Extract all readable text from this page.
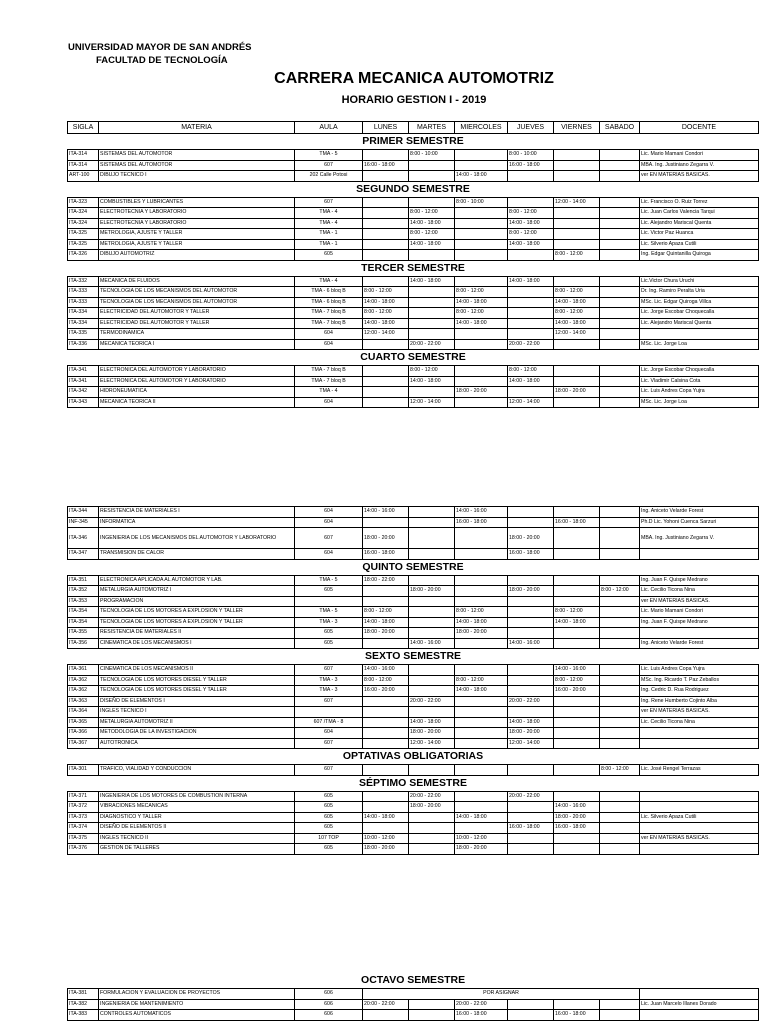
UNIVERSIDAD MAYOR DE SAN ANDRÉS
FACULTAD DE TECNOLOGÍA
CARRERA MECANICA AUTOMOTRIZ
HORARIO GESTION I - 2019
SIGLA	MATERIA	AULA	LUNES	MARTES	MIERCOLES	JUEVES	VIERNES	SABADO	DOCENTE
PRIMER SEMESTRE									
ITA-314	SISTEMAS DEL AUTOMOTOR	TMA - 5		8:00 - 10:00		8:00 - 10:00			Lic. Mario Mamani Condori
ITA-314	SISTEMAS DEL AUTOMOTOR	607	16:00 - 18:00			16:00 - 18:00			MBA. Ing. Justiniano Zegarra V.
ART-100	DIBUJO TECNICO I	202 Calle Potosi			14:00 - 18:00				ver EN MATERIAS BASICAS.
SEGUNDO SEMESTRE									
ITA-323	COMBUSTIBLES Y LUBRICANTES	607			8:00 - 10:00		12:00 - 14:00		Lic. Francisco O. Ruiz Torrez
ITA-324	ELECTROTECNIA Y LABORATORIO	TMA - 4		8:00 - 12:00		8:00 - 12:00			Lic. Juan Carlos Valencia Tarqui
ITA-324	ELECTROTECNIA Y LABORATORIO	TMA - 4		14:00 - 18:00		14:00 - 18:00			Lic. Alejandro Mariscal Quenta
ITA-325	METROLOGIA, AJUSTE Y TALLER	TMA - 1		8:00 - 12:00		8:00 - 12:00			Lic. Victor Paz Huanca
ITA-325	METROLOGIA, AJUSTE Y TALLER	TMA - 1		14:00 - 18:00		14:00 - 18:00			Lic. Silverio Apaza Cutili
ITA-326	DIBUJO AUTOMOTRIZ	605					8:00 - 12:00		Ing. Edgar Quintanilla Quiroga
TERCER SEMESTRE									
ITA-332	MECANICA DE FLUIDOS	TMA - 4		14:00 - 18:00		14:00 - 18:00			Lic.Victor Chura Uruchi
ITA-333	TECNOLOGIA DE LOS MECANISMOS DEL AUTOMOTOR	TMA - 6 bloq B	8:00 - 12:00		8:00 - 12:00		8:00 - 12:00		Dr. Ing. Ramiro Peralta Uria
ITA-333	TECNOLOGIA DE LOS MECANISMOS DEL AUTOMOTOR	TMA - 6 bloq B	14:00 - 18:00		14:00 - 18:00		14:00 - 18:00		MSc. Lic. Edgar Quiroga Villca
ITA-334	ELECTRICIDAD DEL AUTOMOTOR Y TALLER	TMA - 7 bloq B	8:00 - 12:00		8:00 - 12:00		8:00 - 12:00		Lic. Jorge Escobar Choquecalla
ITA-334	ELECTRICIDAD DEL AUTOMOTOR Y TALLER	TMA - 7 bloq B	14:00 - 18:00		14:00 - 18:00		14:00 - 18:00		Lic. Alejandro Mariscal Quenta
ITA-335	TERMODINAMICA	604	12:00 - 14:00				12:00 - 14:00		
ITA-336	MECANICA TEORICA I	604		20:00 - 22:00		20:00 - 22:00			MSc. Lic. Jorge Loa
CUARTO SEMESTRE									
ITA-341	ELECTRONICA DEL AUTOMOTOR Y LABORATORIO	TMA - 7 bloq B		8:00 - 12:00		8:00 - 12:00			Lic. Jorge Escobar Choquecalla
ITA-341	ELECTRONICA DEL AUTOMOTOR Y LABORATORIO	TMA - 7 bloq B		14:00 - 18:00		14:00 - 18:00			Lic. Vladimir Calsina Cota
ITA-342	HIDRONEUMATICA	TMA - 4			18:00 - 20:00		18:00 - 20:00		Lic. Luis Andres Copa Yujra
ITA-343	MECANICA TEORICA II	604		12:00 - 14:00		12:00 - 14:00			MSc. Lic. Jorge Loa
ITA-344	RESISTENCIA DE MATERIALES I	604	14:00 - 16:00		14:00 - 16:00				Ing. Aniceto Velarde Forest
INF-345	INFORMATICA	604			16:00 - 18:00		16:00 - 18:00		Ph.D Lic. Yohoni Cuenca Sarzuri
ITA-346	INGENIERIA DE LOS MECANISMOS DEL AUTOMOTOR Y LABORATORIO	607	18:00 - 20:00			18:00 - 20:00			MBA. Ing. Justiniano Zegarra V.
ITA-347	TRANSMISION DE CALOR	604	16:00 - 18:00			16:00 - 18:00			
QUINTO SEMESTRE									
ITA-351	ELECTRONICA APLICADA AL AUTOMOTOR Y LAB.	TMA - 5	18:00 - 22:00						Ing. Juan F. Quispe Medrano
ITA-352	METALURGIA AUTOMOTRIZ I	605		18:00 - 20:00		18:00 - 20:00		8:00 - 12:00	Lic. Cecilio Ticona Nina
ITA-353	PROGRAMACION								ver EN MATERIAS BASICAS.
ITA-354	TECNOLOGIA DE LOS MOTORES A EXPLOSION Y TALLER	TMA - 5	8:00 - 12:00		8:00 - 12:00		8:00 - 12:00		Lic. Mario Mamani Condori
ITA-354	TECNOLOGIA DE LOS MOTORES A EXPLOSION Y TALLER	TMA - 3	14:00 - 18:00		14:00 - 18:00		14:00 - 18:00		Ing. Juan F. Quispe Medrano
ITA-355	RESISTENCIA DE MATERIALES II	605	18:00 - 20:00		18:00 - 20:00				
ITA-356	CINEMATICA DE LOS MECANISMOS I	605		14:00 - 16:00		14:00 - 16:00			Ing. Aniceto Velarde Forest
SEXTO SEMESTRE									
ITA-361	CINEMATICA DE LOS MECANISMOS II	607	14:00 - 16:00				14:00 - 16:00		Lic. Luis Andres Copa Yujra
ITA-362	TECNOLOGIA DE LOS MOTORES DIESEL Y TALLER	TMA - 3	8:00 - 12:00		8:00 - 12:00		8:00 - 12:00		MSc. Ing. Ricardo T. Paz Zeballos
ITA-362	TECNOLOGIA DE LOS MOTORES DIESEL Y TALLER	TMA - 3	16:00 - 20:00		14:00 - 18:00		16:00 - 20:00		Ing. Cedric D. Rua Rodriguez
ITA-363	DISEÑO DE ELEMENTOS I	607		20:00 - 22:00		20:00 - 22:00			Ing. Rene Humberto Cojinto Alba
ITA-364	INGLES TECNICO I								ver EN MATERIAS BASICAS.
ITA-365	METALURGIA AUTOMOTRIZ II	607 /TMA - 8		14:00 - 18:00		14:00 - 18:00			Lic. Cecilio Ticona Nina
ITA-366	METODOLOGIA DE LA INVESTIGACION	604		18:00 - 20:00		18:00 - 20:00			
ITA-367	AUTOTRONICA	607		12:00 - 14:00		12:00 - 14:00			
OPTATIVAS OBLIGATORIAS									
ITA-301	TRAFICO, VIALIDAD Y CONDUCCION	607						8:00 - 12:00	Lic. José Rengel Terrazas
SÉPTIMO SEMESTRE									
ITA-371	INGENIERIA DE LOS MOTORES DE COMBUSTION INTERNA	605		20:00 - 22:00		20:00 - 22:00			
ITA-372	VIBRACIONES MECANICAS	605		18:00 - 20:00			14:00 - 16:00		
ITA-373	DIAGNOSTICO Y TALLER	605	14:00 - 18:00		14:00 - 18:00		18:00 - 20:00		Lic. Silverio Apaza Cutili
ITA-374	DISEÑO DE ELEMENTOS II	605				16:00 - 18:00	16:00 - 18:00		
ITA-375	INGLES TECNICO II	107 TOP	10:00 - 12:00		10:00 - 12:00				ver EN MATERIAS BASICAS.
ITA-376	GESTION DE TALLERES	605	18:00 - 20:00		18:00 - 20:00				
OCTAVO SEMESTRE									
ITA-381	FORMULACION Y EVALUACION DE PROYECTOS	606	POR ASIGNAR						
ITA-382	INGENIERIA DE MANTENIMIENTO	606	20:00 - 22:00		20:00 - 22:00				Lic. Juan Marcelo Illanes Dorado
ITA-383	CONTROLES AUTOMATICOS	606			16:00 - 18:00		16:00 - 18:00		
